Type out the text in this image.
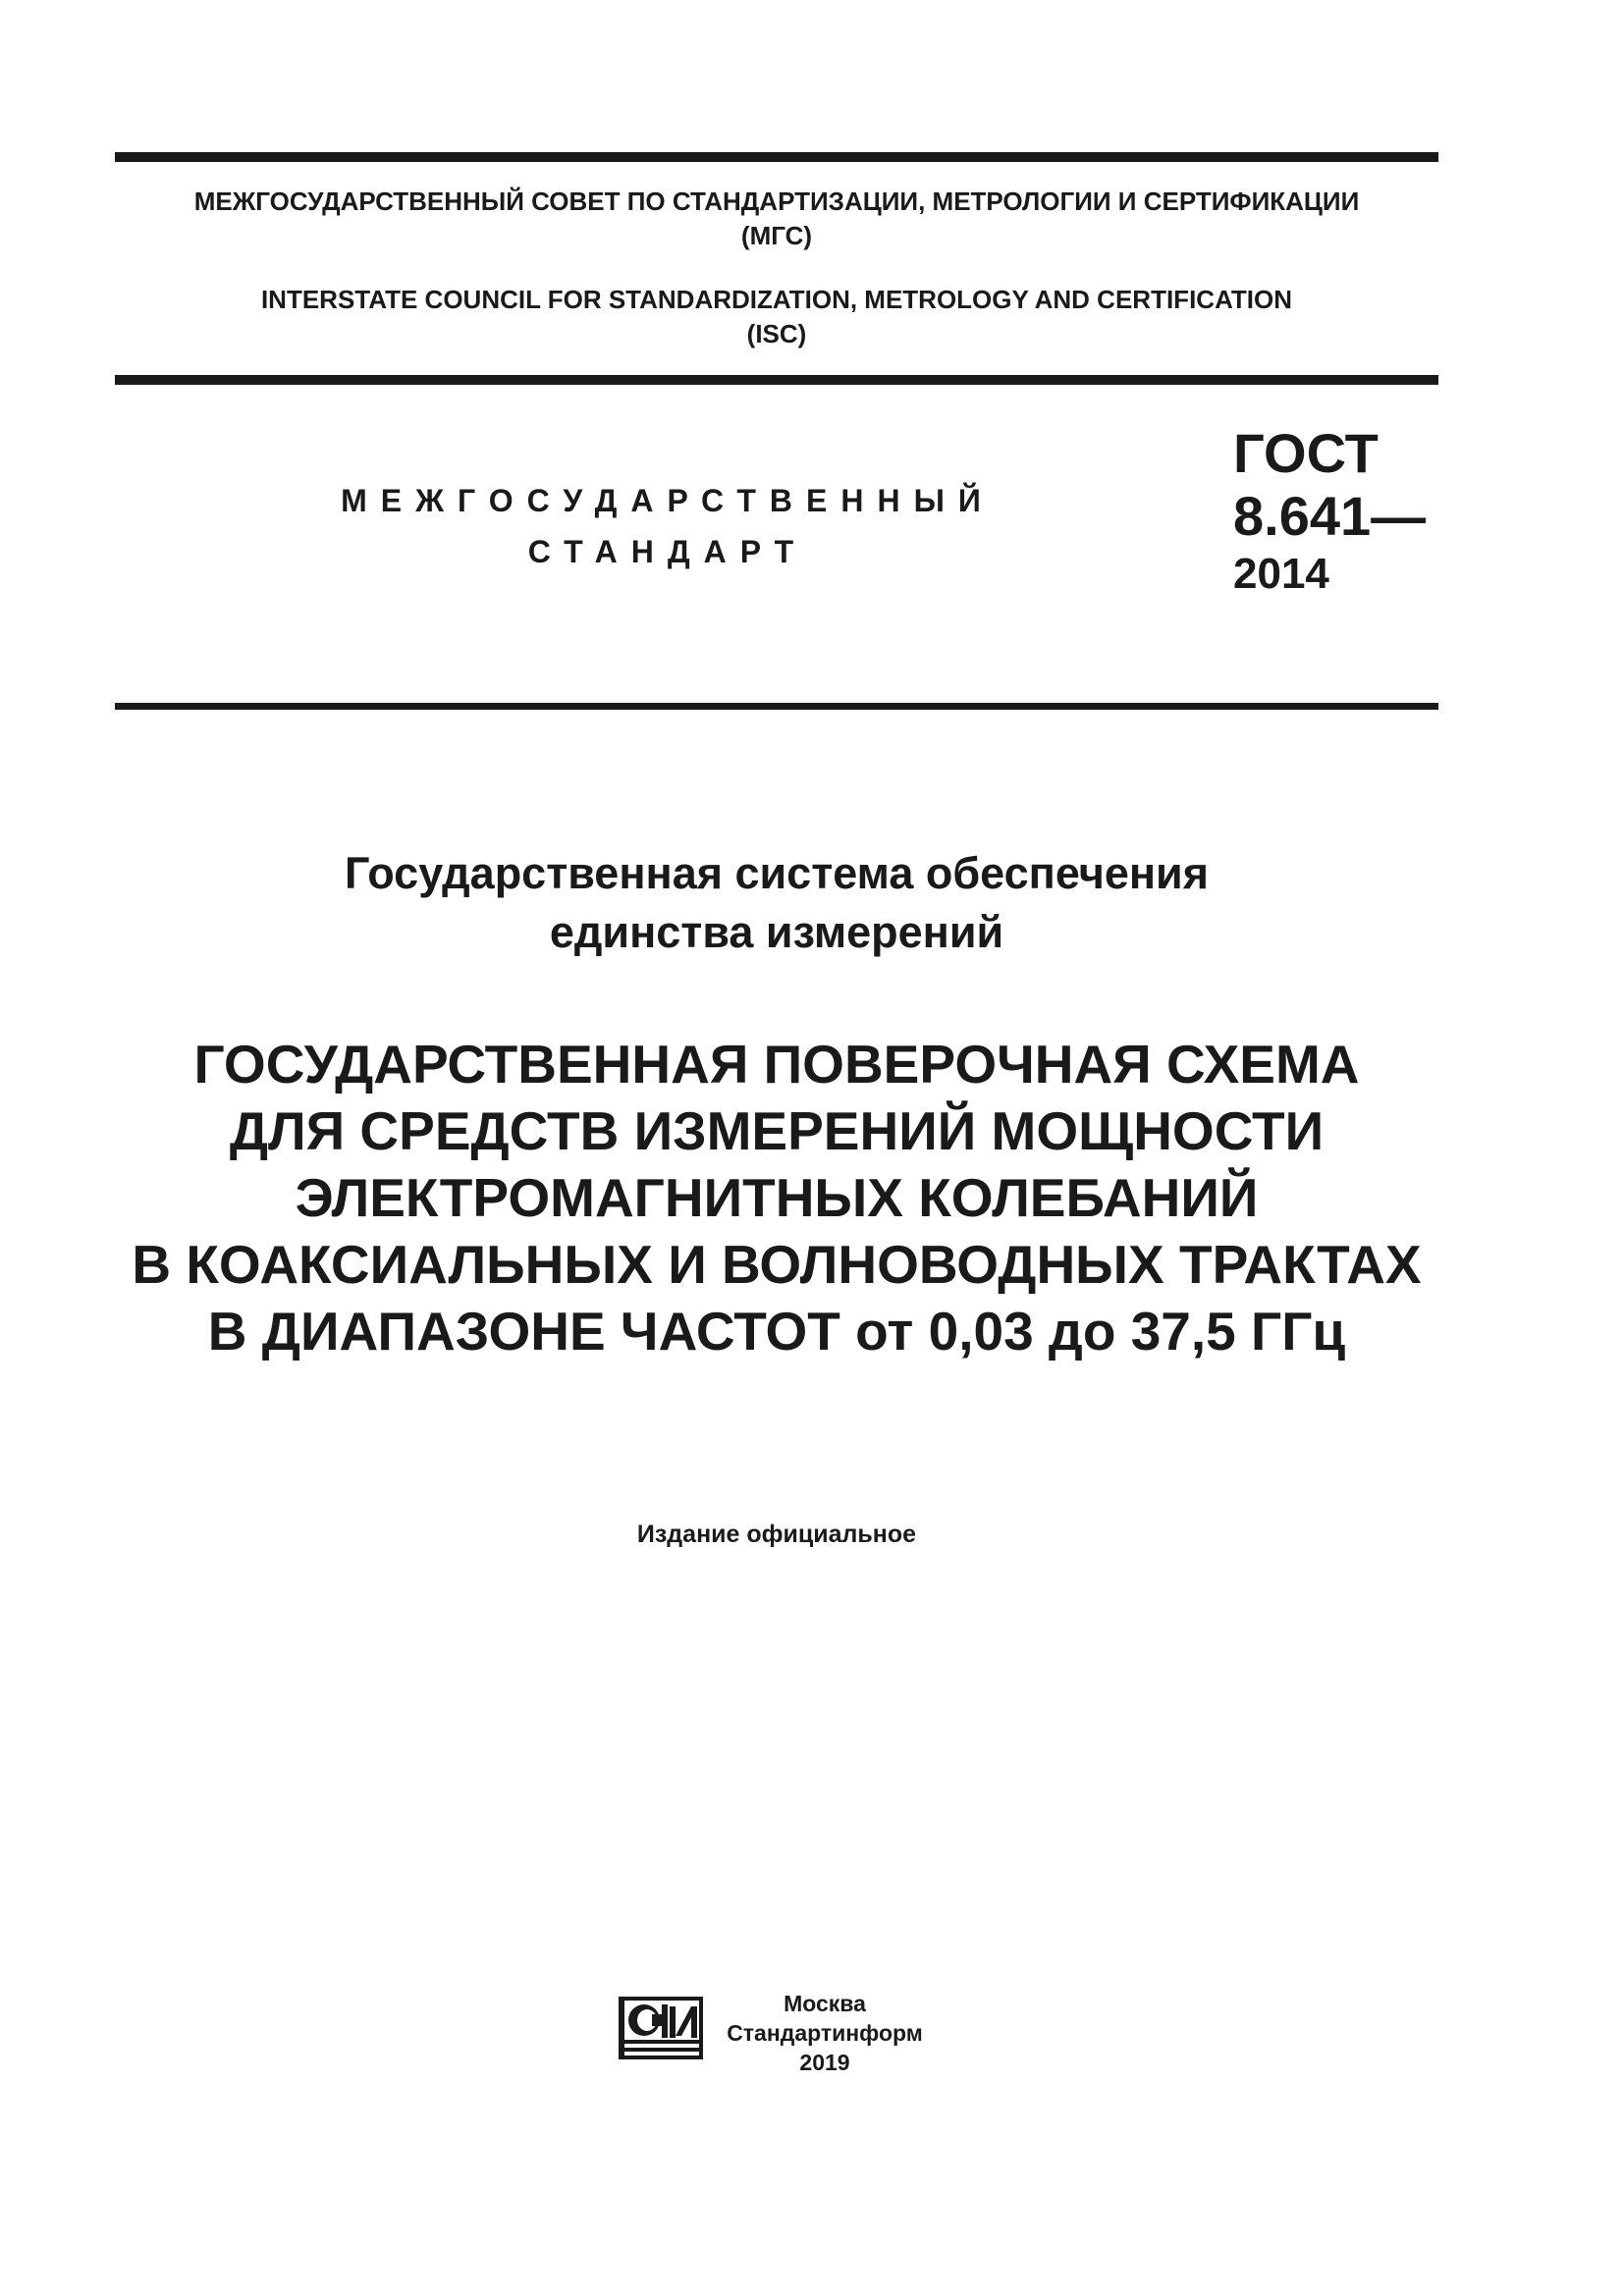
МЕЖГОСУДАРСТВЕННЫЙ СОВЕТ ПО СТАНДАРТИЗАЦИИ, МЕТРОЛОГИИ И СЕРТИФИКАЦИИ
(МГС)
INTERSTATE COUNCIL FOR STANDARDIZATION, METROLOGY AND CERTIFICATION
(ISC)
МЕЖГОСУДАРСТВЕННЫЙ
СТАНДАРТ
ГОСТ
8.641—
2014
Государственная система обеспечения
единства измерений
ГОСУДАРСТВЕННАЯ ПОВЕРОЧНАЯ СХЕМА
ДЛЯ СРЕДСТВ ИЗМЕРЕНИЙ МОЩНОСТИ
ЭЛЕКТРОМАГНИТНЫХ КОЛЕБАНИЙ
В КОАКСИАЛЬНЫХ И ВОЛНОВОДНЫХ ТРАКТАХ
В ДИАПАЗОНЕ ЧАСТОТ от 0,03 до 37,5 ГГц
Издание официальное
Москва
Стандартинформ
2019
